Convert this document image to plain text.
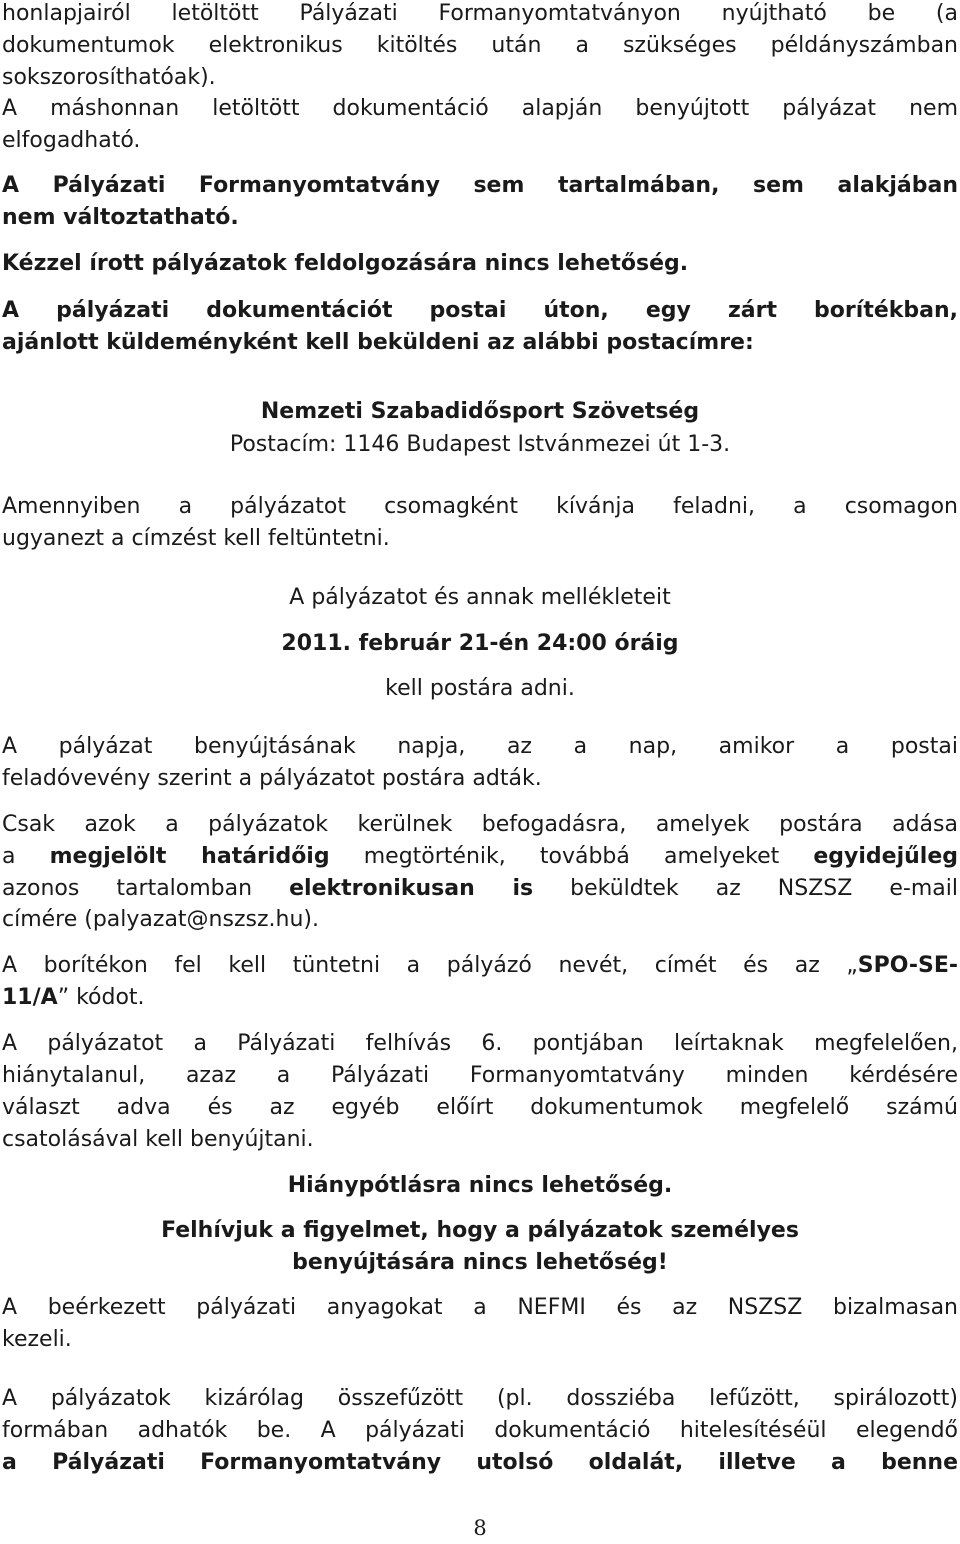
honlapjairól letöltött Pályázati Formanyomtatványon nyújtható be (a
dokumentumok elektronikus kitöltés után a szükséges példányszámban
sokszorosíthatóak).
A máshonnan letöltött dokumentáció alapján benyújtott pályázat nem
elfogadható.
A Pályázati Formanyomtatvány sem tartalmában, sem alakjában
nem változtatható.
Kézzel írott pályázatok feldolgozására nincs lehetőség.
A pályázati dokumentációt postai úton, egy zárt borítékban,
ajánlott küldeményként kell beküldeni az alábbi postacímre:
Nemzeti Szabadidősport Szövetség
Postacím: 1146 Budapest Istvánmezei út 1-3.
Amennyiben a pályázatot csomagként kívánja feladni, a csomagon
ugyanezt a címzést kell feltüntetni.
A pályázatot és annak mellékleteit
2011. február 21-én 24:00 óráig
kell postára adni.
A pályázat benyújtásának napja, az a nap, amikor a postai
feladóvevény szerint a pályázatot postára adták.
Csak azok a pályázatok kerülnek befogadásra, amelyek postára adása
a megjelölt határidőig megtörténik, továbbá amelyeket egyidejűleg
azonos tartalomban elektronikusan is beküldtek az NSZSZ e-mail
címére (palyazat@nszsz.hu).
A borítékon fel kell tüntetni a pályázó nevét, címét és az „SPO-SE-
11/A” kódot.
A pályázatot a Pályázati felhívás 6. pontjában leírtaknak megfelelően,
hiánytalanul, azaz a Pályázati Formanyomtatvány minden kérdésére
választ adva és az egyéb előírt dokumentumok megfelelő számú
csatolásával kell benyújtani.
Hiánypótlásra nincs lehetőség.
Felhívjuk a figyelmet, hogy a pályázatok személyes
benyújtására nincs lehetőség!
A beérkezett pályázati anyagokat a NEFMI és az NSZSZ bizalmasan
kezeli.
A pályázatok kizárólag összefűzött (pl. dossziéba lefűzött, spirálozott)
formában adhatók be. A pályázati dokumentáció hitelesítéséül elegendő
a Pályázati Formanyomtatvány utolsó oldalát, illetve a benne
8
